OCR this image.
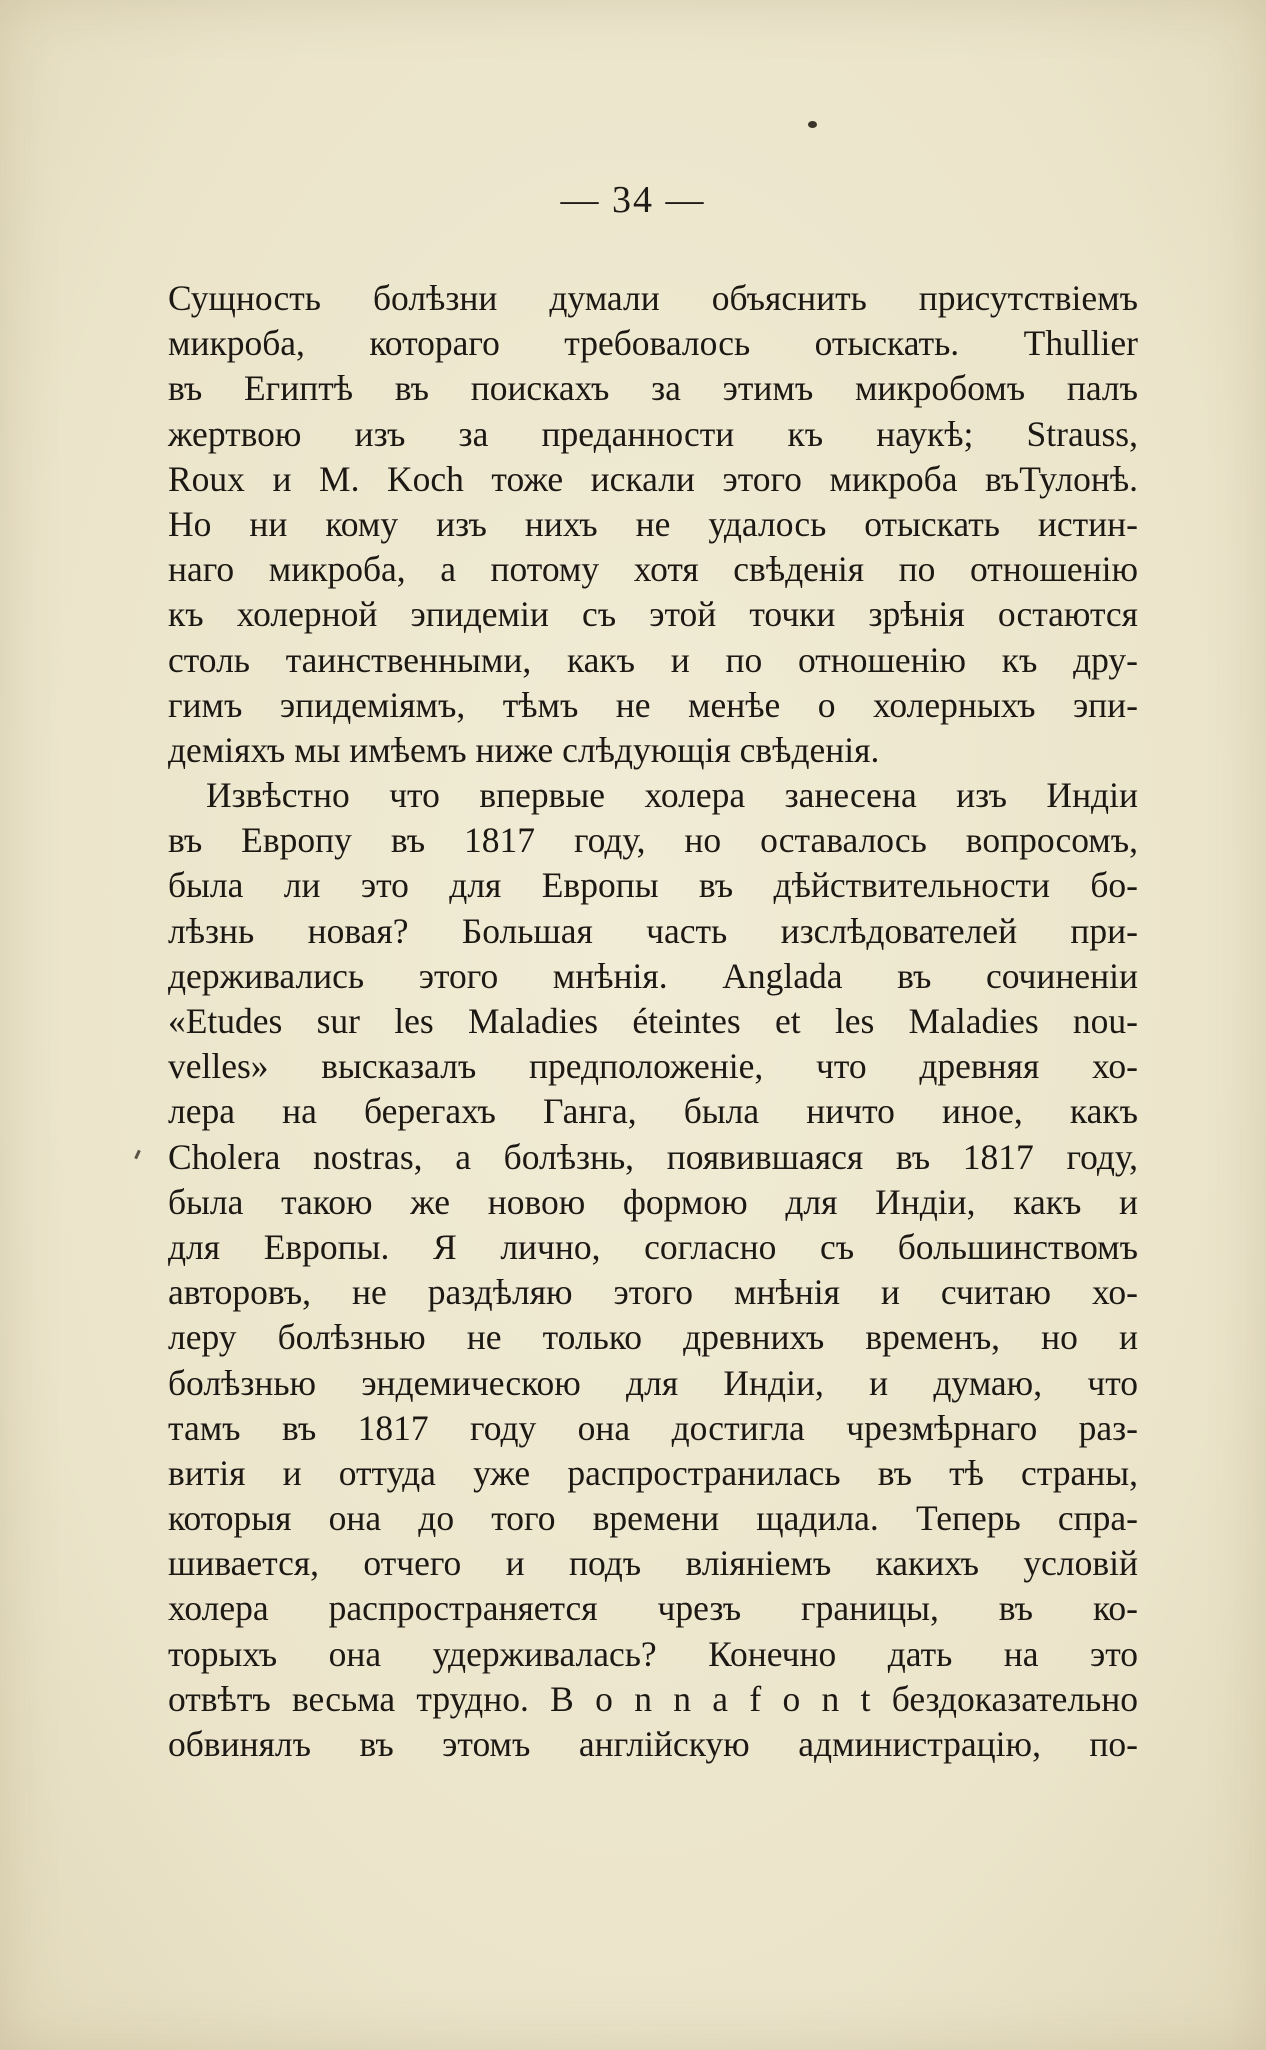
— 34 —
Сущность болѣзни думали объяснить присутствіемъ
микроба, котораго требовалось отыскать. Thullier
въ Египтѣ въ поискахъ за этимъ микробомъ палъ
жертвою изъ за преданности къ наукѣ; Strauss,
Roux и M. Koch тоже искали этого микроба въТулонѣ.
Но ни кому изъ нихъ не удалось отыскать истин-
наго микроба, а потому хотя свѣденія по отношенію
къ холерной эпидеміи съ этой точки зрѣнія остаются
столь таинственными, какъ и по отношенію къ дру-
гимъ эпидеміямъ, тѣмъ не менѣе о холерныхъ эпи-
деміяхъ мы имѣемъ ниже слѣдующія свѣденія.
Извѣстно что впервые холера занесена изъ Индіи
въ Европу въ 1817 году, но оставалось вопросомъ,
была ли это для Европы въ дѣйствительности бо-
лѣзнь новая? Большая часть изслѣдователей при-
держивались этого мнѣнія. Anglada въ сочиненіи
«Etudes sur les Maladies éteintes et les Maladies nou-
velles» высказалъ предположеніе, что древняя хо-
лера на берегахъ Ганга, была ничто иное, какъ
Cholera nostras, а болѣзнь, появившаяся въ 1817 году,
была такою же новою формою для Индіи, какъ и
для Европы. Я лично, согласно съ большинствомъ
авторовъ, не раздѣляю этого мнѣнія и считаю хо-
леру болѣзнью не только древнихъ временъ, но и
болѣзнью эндемическою для Индіи, и думаю, что
тамъ въ 1817 году она достигла чрезмѣрнаго раз-
витія и оттуда уже распространилась въ тѣ страны,
которыя она до того времени щадила. Теперь спра-
шивается, отчего и подъ вліяніемъ какихъ условій
холера распространяется чрезъ границы, въ ко-
торыхъ она удерживалась? Конечно дать на это
отвѣтъ весьма трудно. B o n n a f o n t бездоказательно
обвинялъ въ этомъ англійскую администрацію, по-
